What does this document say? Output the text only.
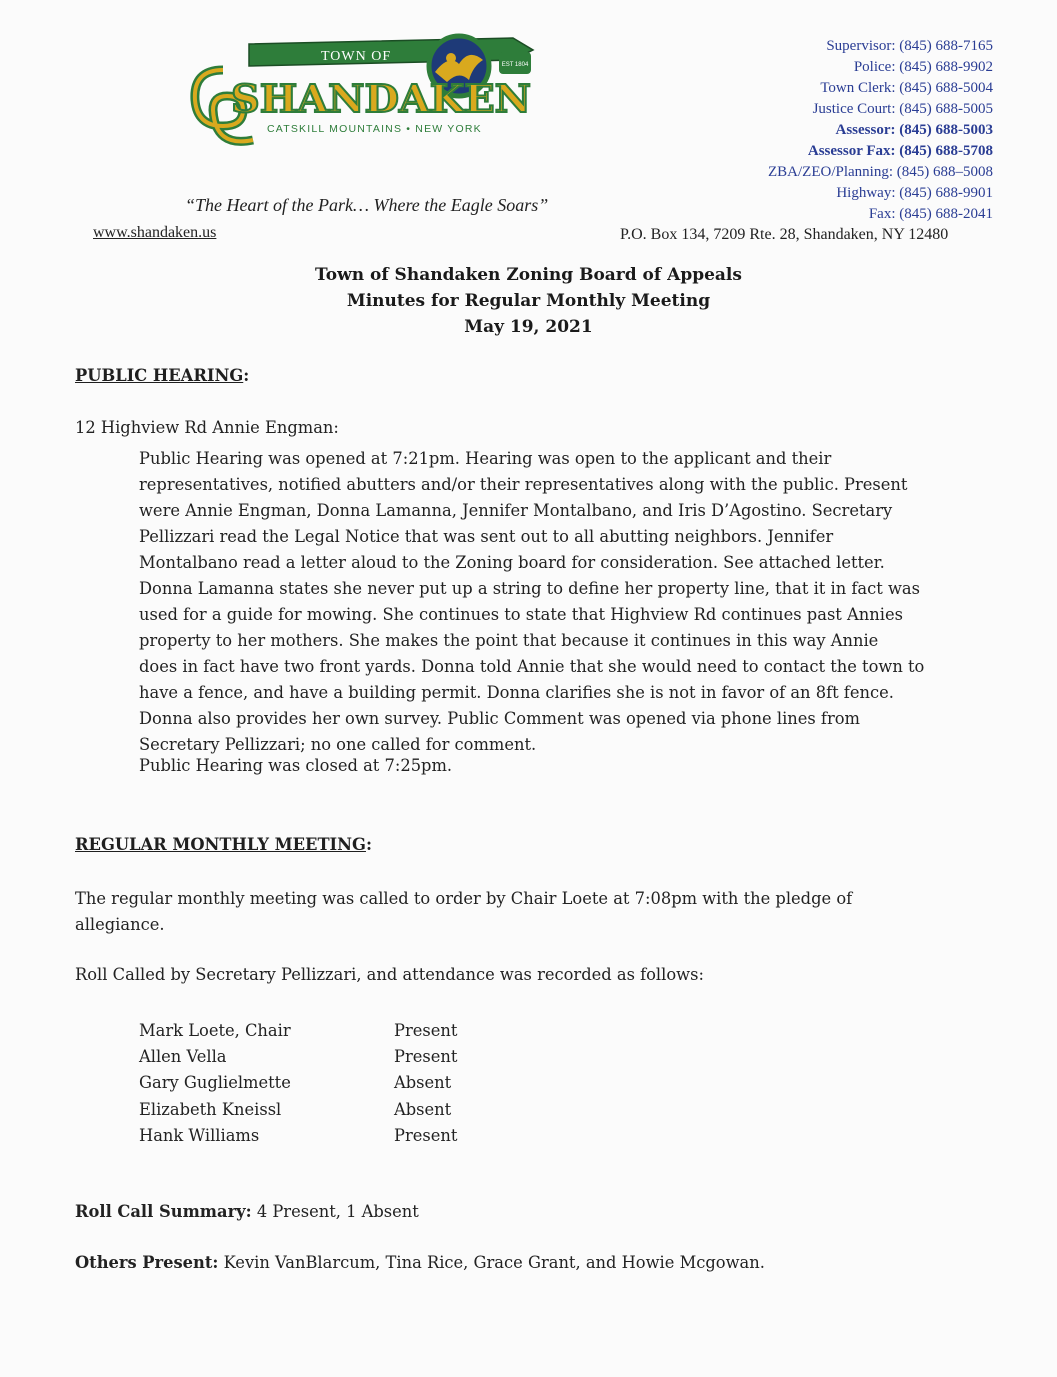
TOWN OF
EST 1804
SHANDAKEN
CATSKILL MOUNTAINS • NEW YORK
“The Heart of the Park… Where the Eagle Soars”
www.shandaken.us
Supervisor: (845) 688-7165
Police: (845) 688-9902
Town Clerk: (845) 688-5004
Justice Court: (845) 688-5005
Assessor: (845) 688-5003
Assessor Fax: (845) 688-5708
ZBA/ZEO/Planning: (845) 688–5008
Highway: (845) 688-9901
Fax: (845) 688-2041
P.O. Box 134, 7209 Rte. 28, Shandaken, NY 12480
Town of Shandaken Zoning Board of Appeals
Minutes for Regular Monthly Meeting
May 19, 2021
PUBLIC HEARING:
12 Highview Rd Annie Engman:
Public Hearing was opened at 7:21pm. Hearing was open to the applicant and their
representatives, notified abutters and/or their representatives along with the public. Present
were Annie Engman, Donna Lamanna, Jennifer Montalbano, and Iris D’Agostino. Secretary
Pellizzari read the Legal Notice that was sent out to all abutting neighbors. Jennifer
Montalbano read a letter aloud to the Zoning board for consideration. See attached letter.
Donna Lamanna states she never put up a string to define her property line, that it in fact was
used for a guide for mowing. She continues to state that Highview Rd continues past Annies
property to her mothers. She makes the point that because it continues in this way Annie
does in fact have two front yards. Donna told Annie that she would need to contact the town to
have a fence, and have a building permit. Donna clarifies she is not in favor of an 8ft fence.
Donna also provides her own survey. Public Comment was opened via phone lines from
Secretary Pellizzari; no one called for comment.
Public Hearing was closed at 7:25pm.
REGULAR MONTHLY MEETING:
The regular monthly meeting was called to order by Chair Loete at 7:08pm with the pledge of allegiance.
Roll Called by Secretary Pellizzari, and attendance was recorded as follows:
Mark Loete, Chair	Present
Allen Vella	Present
Gary Guglielmette	Absent
Elizabeth Kneissl	Absent
Hank Williams	Present
Roll Call Summary: 4 Present, 1 Absent
Others Present: Kevin VanBlarcum, Tina Rice, Grace Grant, and Howie Mcgowan.
